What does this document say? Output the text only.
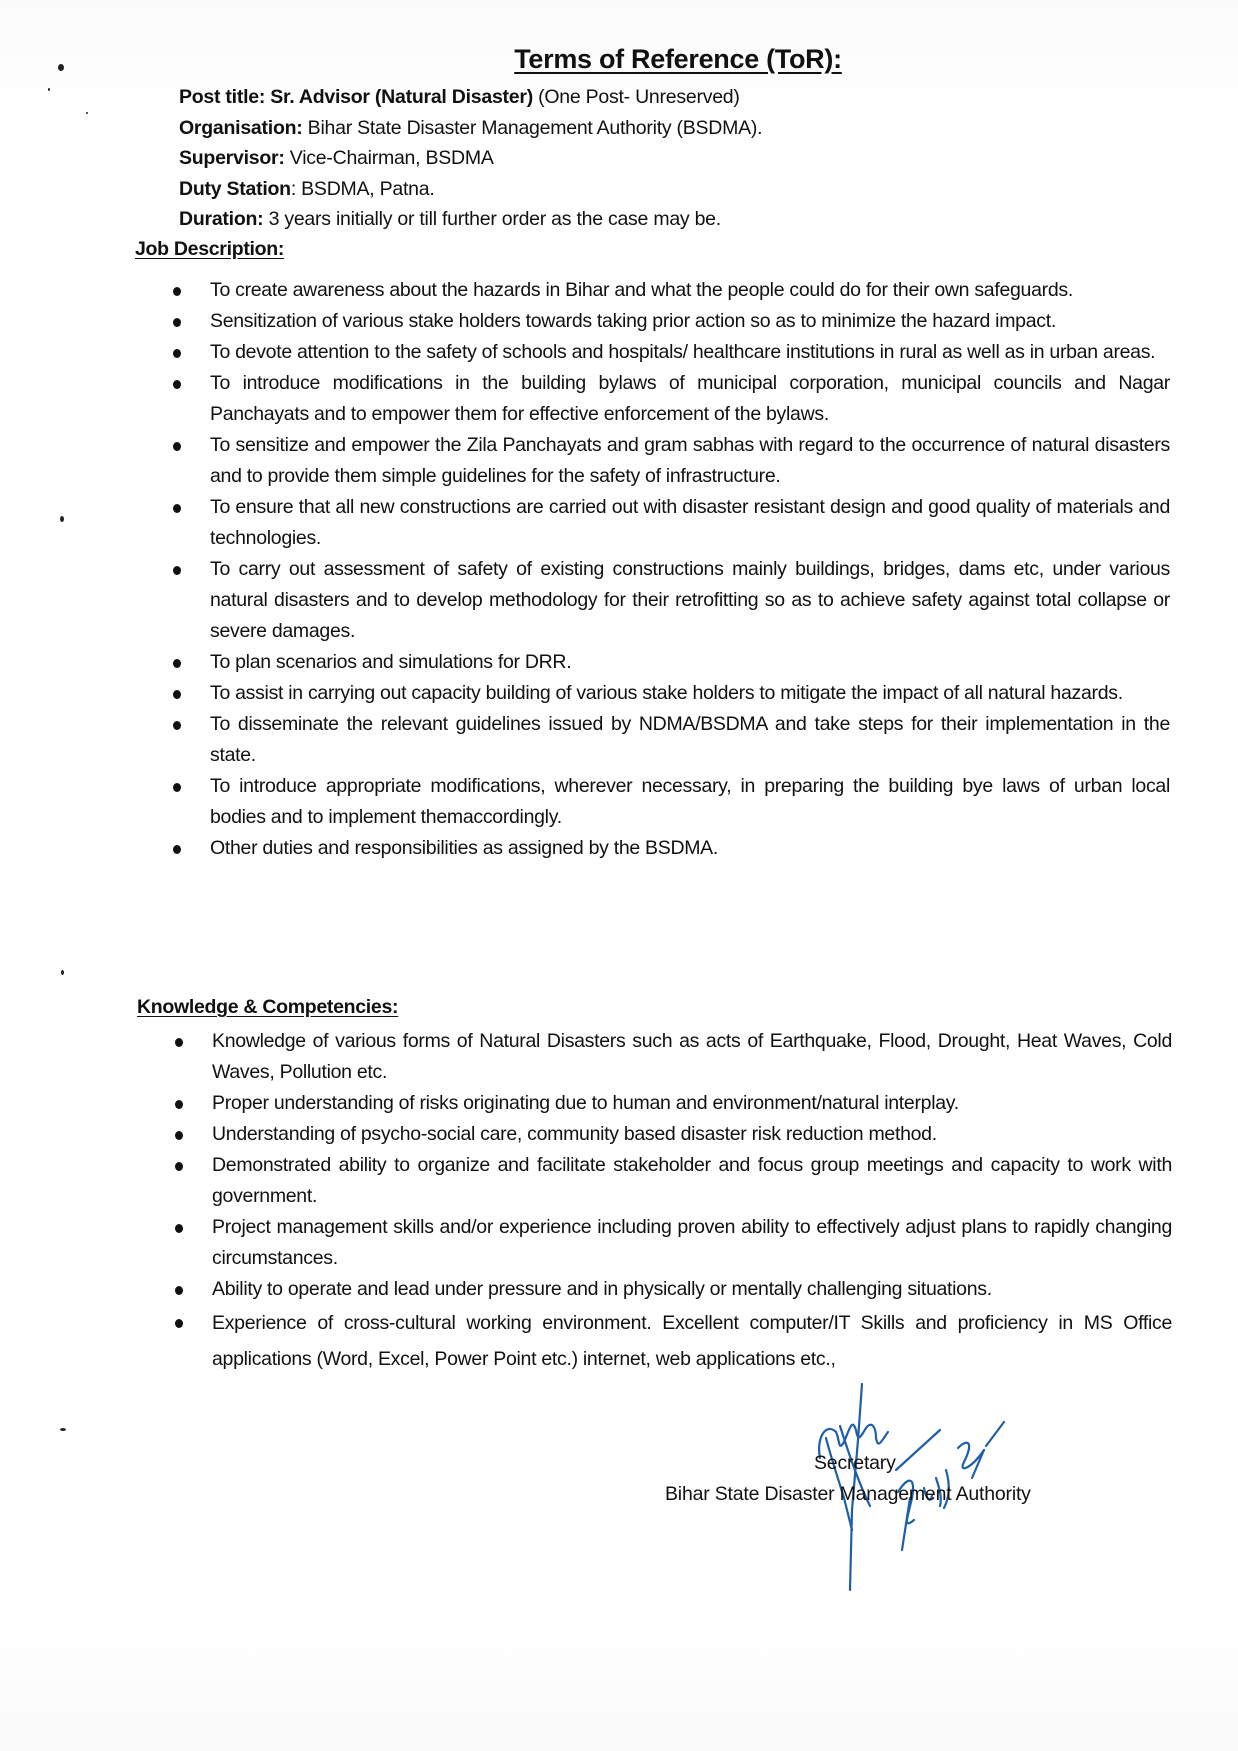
Terms of Reference (ToR):
Post title: Sr. Advisor (Natural Disaster) (One Post- Unreserved)
Organisation: Bihar State Disaster Management Authority (BSDMA).
Supervisor: Vice-Chairman, BSDMA
Duty Station: BSDMA, Patna.
Duration: 3 years initially or till further order as the case may be.
Job Description:
To create awareness about the hazards in Bihar and what the people could do for their own safeguards.
Sensitization of various stake holders towards taking prior action so as to minimize the hazard impact.
To devote attention to the safety of schools and hospitals/ healthcare institutions in rural as well as in urban areas.
To introduce modifications in the building bylaws of municipal corporation, municipal councils and Nagar Panchayats and to empower them for effective enforcement of the bylaws.
To sensitize and empower the Zila Panchayats and gram sabhas with regard to the occurrence of natural disasters and to provide them simple guidelines for the safety of infrastructure.
To ensure that all new constructions are carried out with disaster resistant design and good quality of materials and technologies.
To carry out assessment of safety of existing constructions mainly buildings, bridges, dams etc, under various natural disasters and to develop methodology for their retrofitting so as to achieve safety against total collapse or severe damages.
To plan scenarios and simulations for DRR.
To assist in carrying out capacity building of various stake holders to mitigate the impact of all natural hazards.
To disseminate the relevant guidelines issued by NDMA/BSDMA and take steps for their implementation in the state.
To introduce appropriate modifications, wherever necessary, in preparing the building bye laws of urban local bodies and to implement themaccordingly.
Other duties and responsibilities as assigned by the BSDMA.
Knowledge & Competencies:
Knowledge of various forms of Natural Disasters such as acts of Earthquake, Flood, Drought, Heat Waves, Cold Waves, Pollution etc.
Proper understanding of risks originating due to human and environment/natural interplay.
Understanding of psycho-social care, community based disaster risk reduction method.
Demonstrated ability to organize and facilitate stakeholder and focus group meetings and capacity to work with government.
Project management skills and/or experience including proven ability to effectively adjust plans to rapidly changing circumstances.
Ability to operate and lead under pressure and in physically or mentally challenging situations.
Experience of cross-cultural working environment. Excellent computer/IT Skills and proficiency in MS Office applications (Word, Excel, Power Point etc.) internet, web applications etc.,
Secretary
Bihar State Disaster Management Authority
